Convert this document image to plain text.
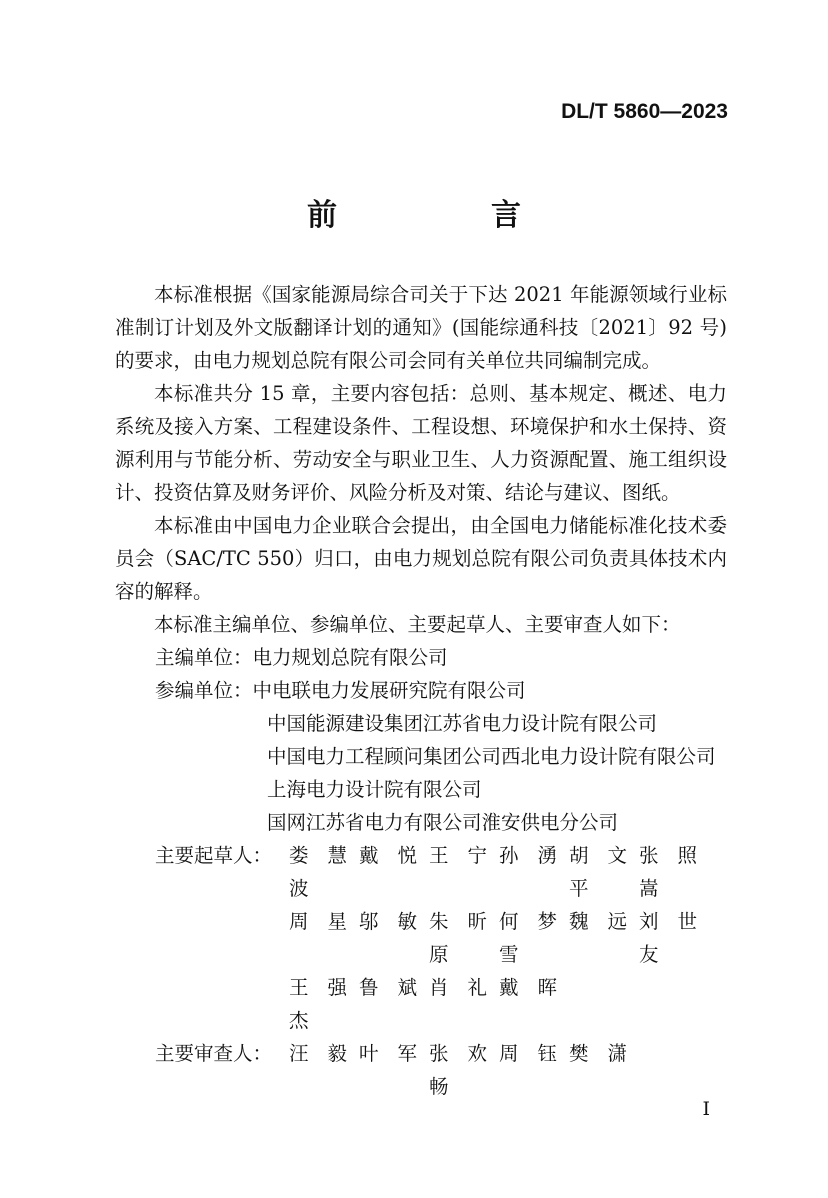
DL/T 5860—2023
前　言

本标准根据《国家能源局综合司关于下达 2021 年能源领域行业标准制订计划及外文版翻译计划的通知》(国能综通科技〔2021〕92 号) 的要求，由电力规划总院有限公司会同有关单位共同编制完成。

本标准共分 15 章，主要内容包括：总则、基本规定、概述、电力系统及接入方案、工程建设条件、工程设想、环境保护和水土保持、资源利用与节能分析、劳动安全与职业卫生、人力资源配置、施工组织设计、投资估算及财务评价、风险分析及对策、结论与建议、图纸。

本标准由中国电力企业联合会提出，由全国电力储能标准化技术委员会（SAC/TC 550）归口，由电力规划总院有限公司负责具体技术内容的解释。

本标准主编单位、参编单位、主要起草人、主要审查人如下：

主编单位：电力规划总院有限公司

参编单位：中电联电力发展研究院有限公司

中国能源建设集团江苏省电力设计院有限公司

中国电力工程顾问集团公司西北电力设计院有限公司

上海电力设计院有限公司

国网江苏省电力有限公司淮安供电分公司

主要起草人： 娄慧波
戴悦 王宁 孙湧 胡文平
张照嵩
周星 邬敏 朱昕原
何梦雪
魏远 刘世友
王强杰
鲁斌 肖礼 戴晖
主要审查人： 汪毅 叶军 张欢畅
周钰 樊潇
I
